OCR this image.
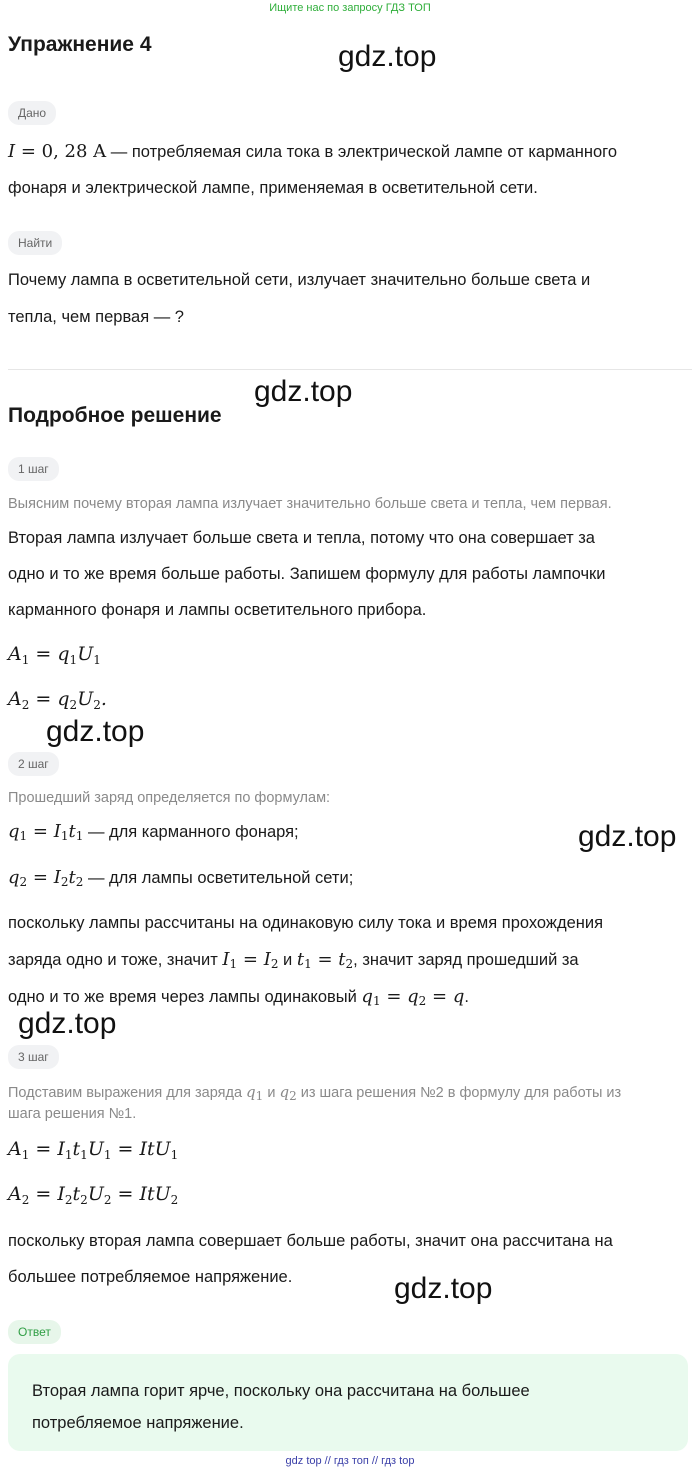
Ищите нас по запросу ГДЗ ТОП
Упражнение 4	gdz.top
gdz.top
gdz.top
gdz.top
gdz.top
gdz.top
Дано
I = 0, 28 A — потребляемая сила тока в электрической лампе от карманного
фонаря и электрической лампе, применяемая в осветительной сети.
Найти
Почему лампа в осветительной сети, излучает значительно больше света и
тепла, чем первая — ?
Подробное решение
1 шаг
Выясним почему вторая лампа излучает значительно больше света и тепла, чем первая.
Вторая лампа излучает больше света и тепла, потому что она совершает за
одно и то же время больше работы. Запишем формулу для работы лампочки
карманного фонаря и лампы осветительного прибора.
$A_1 = q_1U_1$
$A_2 = q_2U_2$.
2 шаг
Прошедший заряд определяется по формулам:
$q_1 = I_1t_1$ — для карманного фонаря;
$q_2 = I_2t_2$ — для лампы осветительной сети;
поскольку лампы рассчитаны на одинаковую силу тока и время прохождения
заряда одно и тоже, значит $I_1 = I_2$ и $t_1 = t_2$, значит заряд прошедший за
одно и то же время через лампы одинаковый $q_1 = q_2 = q$.
3 шаг
Подставим выражения для заряда $q_1$ и $q_2$ из шага решения №2 в формулу для работы из
шага решения №1.
$A_1 = I_1t_1U_1 = ItU_1$
$A_2 = I_2t_2U_2 = ItU_2$
поскольку вторая лампа совершает больше работы, значит она рассчитана на
большее потребляемое напряжение.
Ответ
Вторая лампа горит ярче, поскольку она рассчитана на большее
потребляемое напряжение.
gdz top // гдз топ // гдз top
